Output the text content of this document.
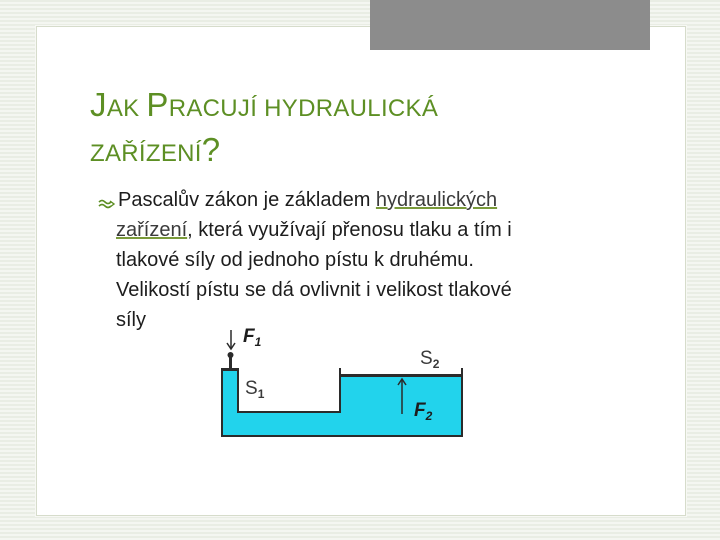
JAK PRACUJÍ HYDRAULICKÁ
ZAŘÍZENÍ?
Pascalův zákon je základem hydraulických
zařízení, která využívají přenosu tlaku a tím i
tlakové síly od jednoho pístu k druhému.
Velikostí pístu se dá ovlivnit i velikost tlakové
síly
$F_1$
$S_2$
$S_1$
$F_2$
